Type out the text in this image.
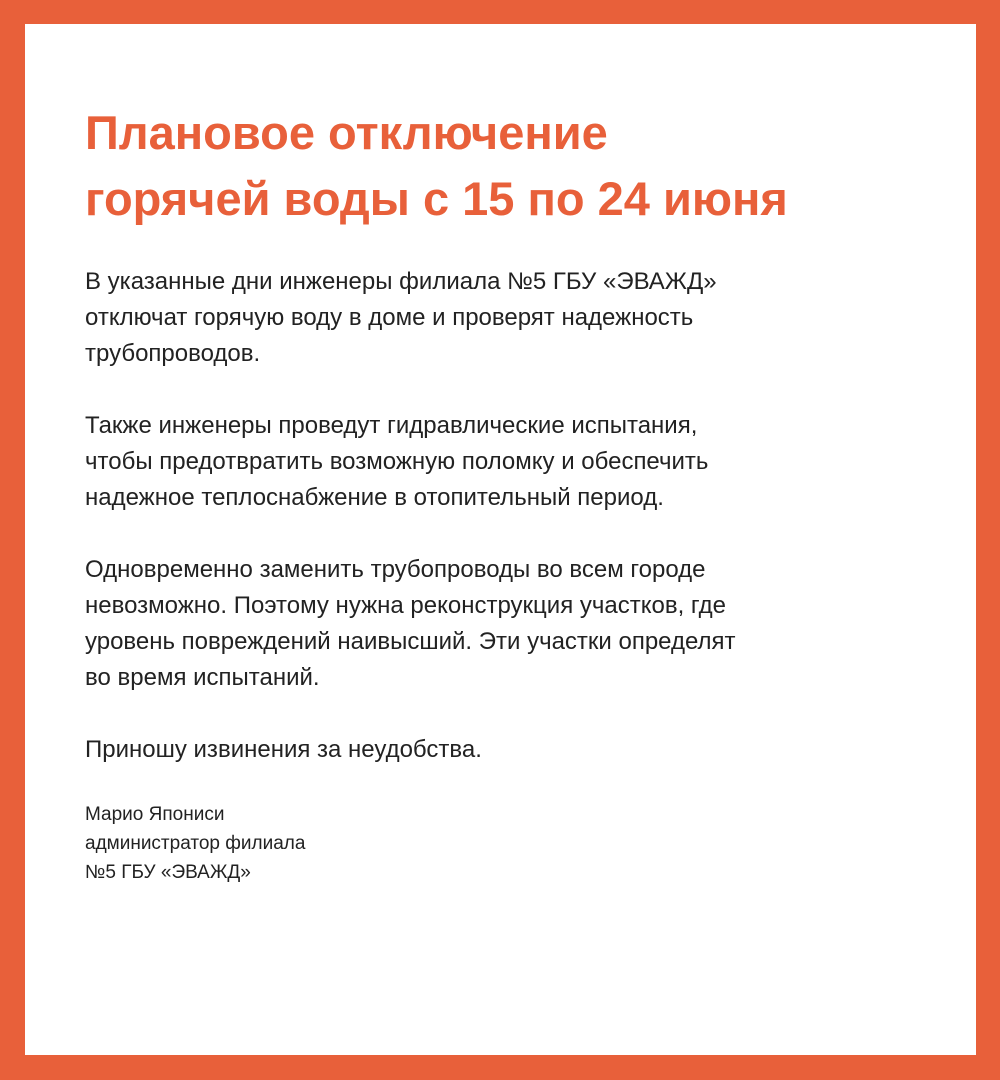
Плановое отключение
горячей воды с 15 по 24 июня

В указанные дни инженеры филиала №5 ГБУ «ЭВАЖД»
отключат горячую воду в доме и проверят надежность
трубопроводов.

Также инженеры проведут гидравлические испытания,
чтобы предотвратить возможную поломку и обеспечить
надежное теплоснабжение в отопительный период.

Одновременно заменить трубопроводы во всем городе
невозможно. Поэтому нужна реконструкция участков, где
уровень повреждений наивысший. Эти участки определят
во время испытаний.

Приношу извинения за неудобства.

Марио Япониси
администратор филиала
№5 ГБУ «ЭВАЖД»
